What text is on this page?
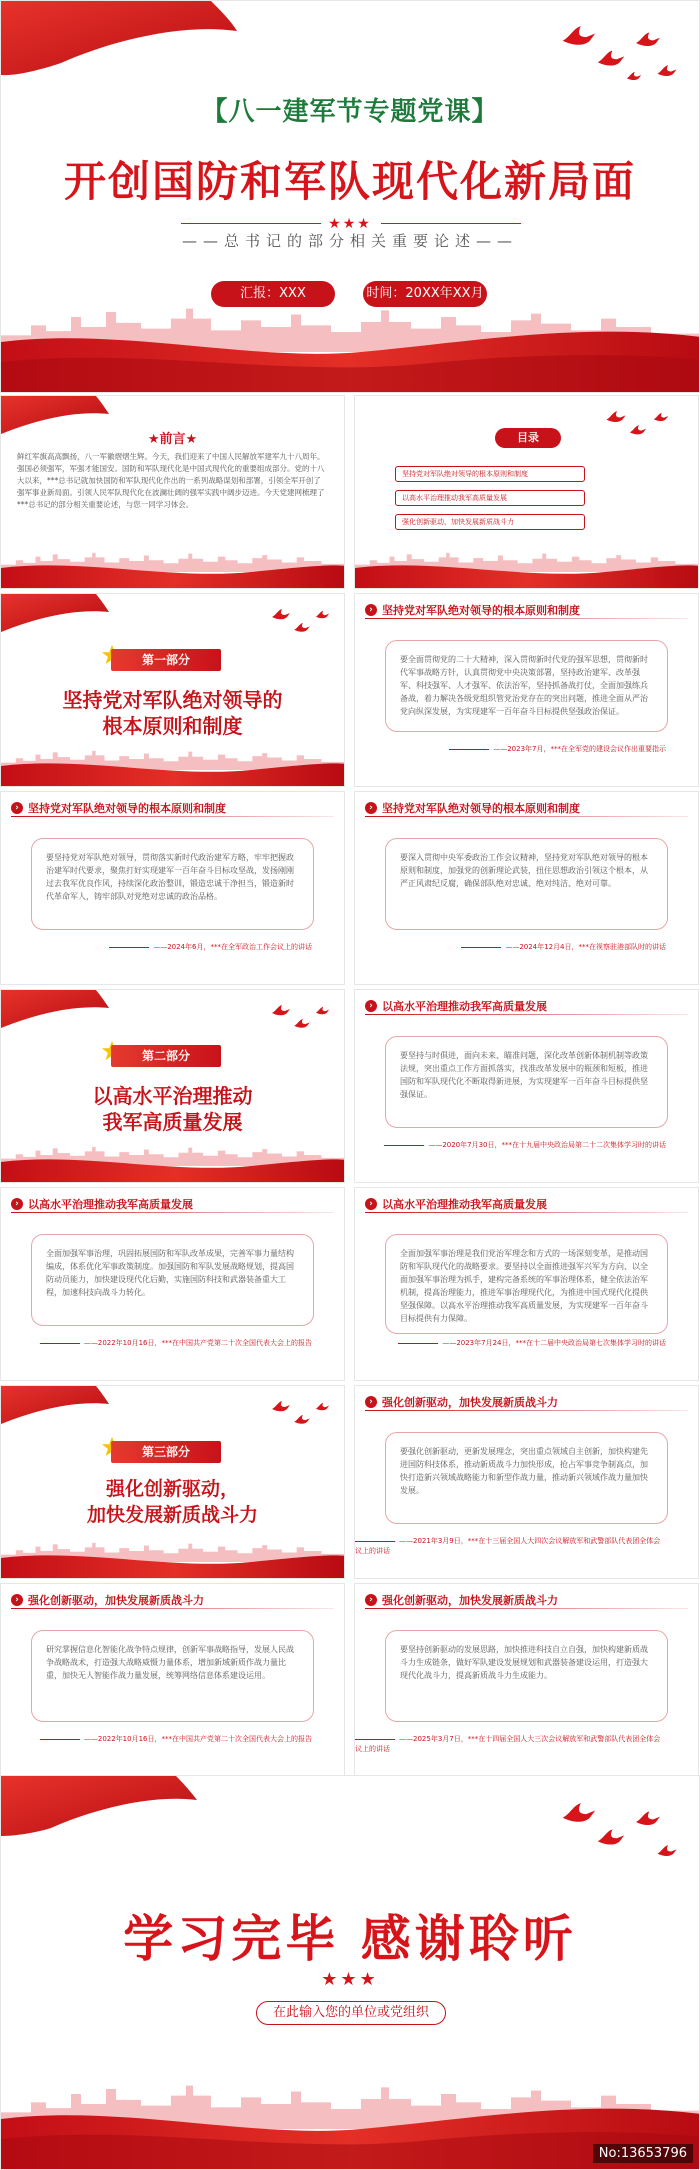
【八一建军节专题党课】
开创国防和军队现代化新局面
★★★
——总书记的部分相关重要论述——
汇报：XXX	时间：20XX年XX月
★前言★
鲜红军旗高高飘扬，八一军徽熠熠生辉。今天，我们迎来了中国人民解放军建军九十八周年。强国必须强军，军强才能国安。国防和军队现代化是中国式现代化的重要组成部分。党的十八大以来，***总书记就加快国防和军队现代化作出的一系列战略谋划和部署，引领全军开创了强军事业新局面。引领人民军队现代化在波澜壮阔的强军实践中阔步迈进。今天党建网梳理了***总书记的部分相关重要论述，与您一同学习体会。
目录
坚持党对军队绝对领导的根本原则和制度
以高水平治理推动我军高质量发展
强化创新驱动，加快发展新质战斗力
第一部分
坚持党对军队绝对领导的
根本原则和制度
› 坚持党对军队绝对领导的根本原则和制度
要全面贯彻党的二十大精神，深入贯彻新时代党的强军思想，贯彻新时代军事战略方针，认真贯彻党中央决策部署，坚持政治建军、改革强军、科技强军、人才强军、依法治军，坚持抓备战打仗，全面加强练兵备战，着力解决各级党组织管党治党存在的突出问题，推进全面从严治党向纵深发展，为实现建军一百年奋斗目标提供坚强政治保证。
——2023年7月，***在全军党的建设会议作出重要指示
› 坚持党对军队绝对领导的根本原则和制度
要坚持党对军队绝对领导，贯彻落实新时代政治建军方略，牢牢把握政治建军时代要求，聚焦打好实现建军一百年奋斗目标攻坚战，发扬刚刚过去我军优良作风，持续深化政治整训，锻造忠诚干净担当，锻造新时代革命军人，铸牢部队对党绝对忠诚的政治品格。
——2024年6月，***在全军政治工作会议上的讲话
› 坚持党对军队绝对领导的根本原则和制度
要深入贯彻中央军委政治工作会议精神，坚持党对军队绝对领导的根本原则和制度，加强党的创新理论武装，扭住思想政治引领这个根本，从严正风肃纪反腐，确保部队绝对忠诚、绝对纯洁、绝对可靠。
——2024年12月4日，***在视察驻港部队时的讲话
第二部分
以高水平治理推动
我军高质量发展
› 以高水平治理推动我军高质量发展
要坚持与时俱进，面向未来、瞄准问题，深化改革创新体制机制等政策法规，突出重点工作方面抓落实，找准改革发展中的瓶颈和短板，推进国防和军队现代化不断取得新进展，为实现建军一百年奋斗目标提供坚强保证。
——2020年7月30日，***在十九届中央政治局第二十二次集体学习时的讲话
› 以高水平治理推动我军高质量发展
全面加强军事治理，巩固拓展国防和军队改革成果，完善军事力量结构编成，体系优化军事政策制度。加强国防和军队发展战略规划，提高国防动员能力，加快建设现代化后勤，实施国防科技和武器装备重大工程，加速科技向战斗力转化。
——2022年10月16日，***在中国共产党第二十次全国代表大会上的报告
› 以高水平治理推动我军高质量发展
全面加强军事治理是我们党治军理念和方式的一场深刻变革，是推动国防和军队现代化的战略要求。要坚持以全面推进强军兴军为方向、以全面加强军事治理为抓手，建构完备系统的军事治理体系，健全依法治军机制，提高治理能力，推进军事治理现代化，为推进中国式现代化提供坚强保障。以高水平治理推动我军高质量发展，为实现建军一百年奋斗目标提供有力保障。
——2023年7月24日，***在十二届中央政治局第七次集体学习时的讲话
第三部分
强化创新驱动，
加快发展新质战斗力
› 强化创新驱动，加快发展新质战斗力
要强化创新驱动，更新发展理念，突出重点领域自主创新，加快构建先进国防科技体系，推动新质战斗力加快形成，抢占军事竞争制高点，加快打造新兴领域战略能力和新型作战力量，推动新兴领域作战力量加快发展。
——2021年3月9日，***在十三届全国人大四次会议解放军和武警部队代表团全体会议上的讲话
› 强化创新驱动，加快发展新质战斗力
研究掌握信息化智能化战争特点规律，创新军事战略指导，发展人民战争战略战术，打造强大战略威慑力量体系，增加新域新质作战力量比重，加快无人智能作战力量发展，统筹网络信息体系建设运用。
——2022年10月16日，***在中国共产党第二十次全国代表大会上的报告
› 强化创新驱动，加快发展新质战斗力
要坚持创新驱动的发展思路，加快推进科技自立自强，加快构建新质战斗力生成链条，做好军队建设发展规划和武器装备建设运用，打造强大现代化战斗力，提高新质战斗力生成能力。
——2025年3月7日，***在十四届全国人大三次会议解放军和武警部队代表团全体会议上的讲话
学习完毕 感谢聆听
★★★
在此输入您的单位或党组织
No:13653796
